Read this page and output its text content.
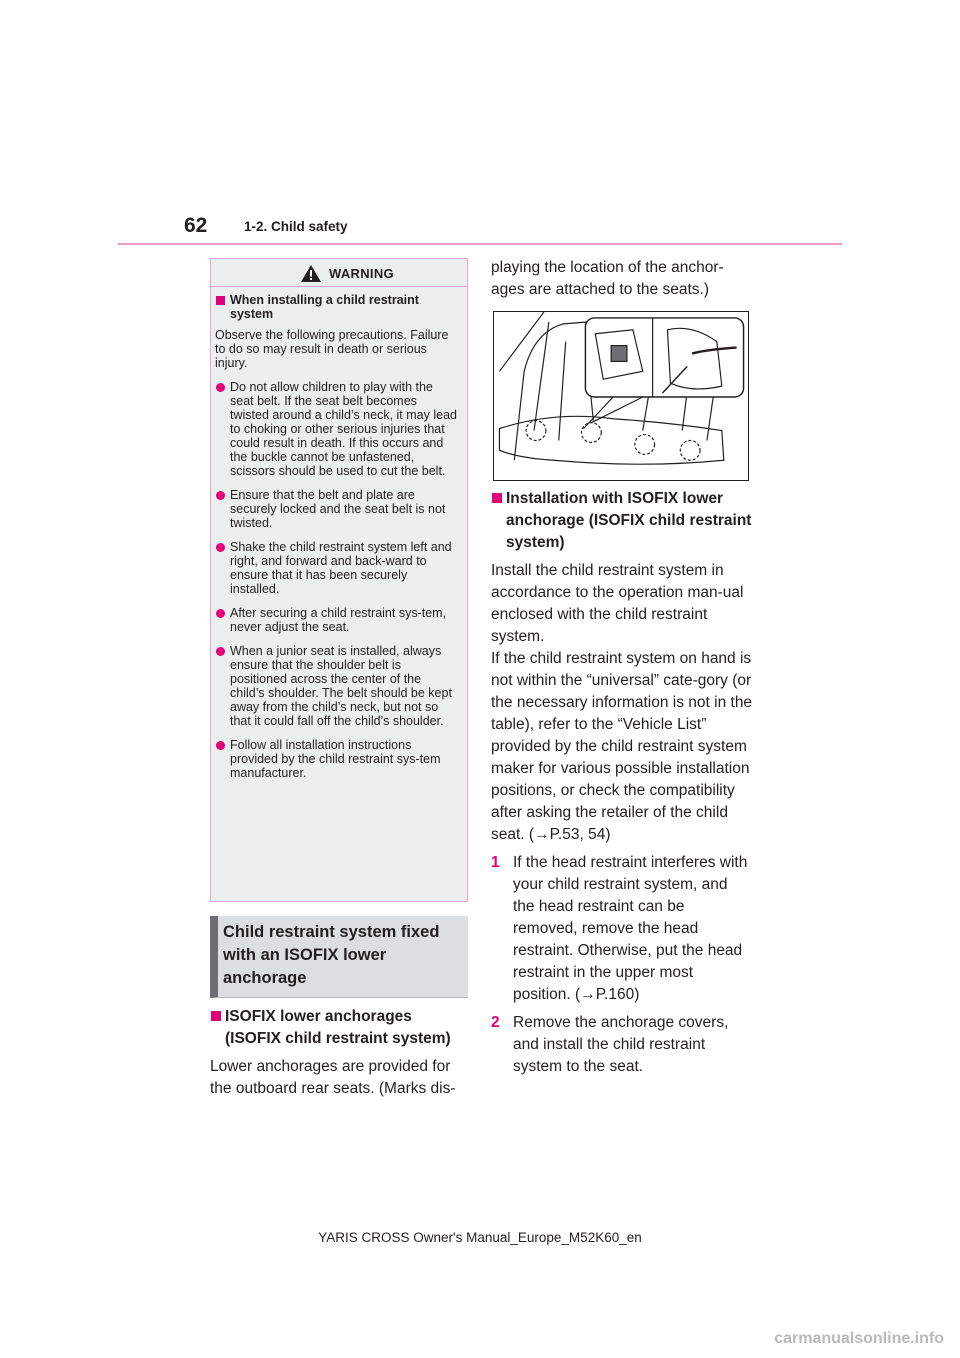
62	1-2. Child safety
WARNING
When installing a child restraint system
Observe the following precautions. Failure to do so may result in death or serious injury.
Do not allow children to play with the seat belt. If the seat belt becomes twisted around a child’s neck, it may lead to choking or other serious injuries that could result in death. If this occurs and the buckle cannot be unfastened, scissors should be used to cut the belt.
Ensure that the belt and plate are securely locked and the seat belt is not twisted.
Shake the child restraint system left and right, and forward and back-ward to ensure that it has been securely installed.
After securing a child restraint sys-tem, never adjust the seat.
When a junior seat is installed, always ensure that the shoulder belt is positioned across the center of the child’s shoulder. The belt should be kept away from the child’s neck, but not so that it could fall off the child’s shoulder.
Follow all installation instructions provided by the child restraint sys-tem manufacturer.
Child restraint system fixed with an ISOFIX lower anchorage
ISOFIX lower anchorages (ISOFIX child restraint system)
Lower anchorages are provided for the outboard rear seats. (Marks dis-
playing the location of the anchor-ages are attached to the seats.)
Installation with ISOFIX lower anchorage (ISOFIX child restraint system)
Install the child restraint system in accordance to the operation man-ual enclosed with the child restraint system.
If the child restraint system on hand is not within the “universal” cate-gory (or the necessary information is not in the table), refer to the “Vehicle List” provided by the child restraint system maker for various possible installation positions, or check the compatibility after asking the retailer of the child seat. (→P.53, 54)
1 If the head restraint interferes with your child restraint system, and the head restraint can be removed, remove the head restraint. Otherwise, put the head restraint in the upper most position. (→P.160)
2 Remove the anchorage covers, and install the child restraint system to the seat.
YARIS CROSS Owner's Manual_Europe_M52K60_en
carmanualsonline.info
